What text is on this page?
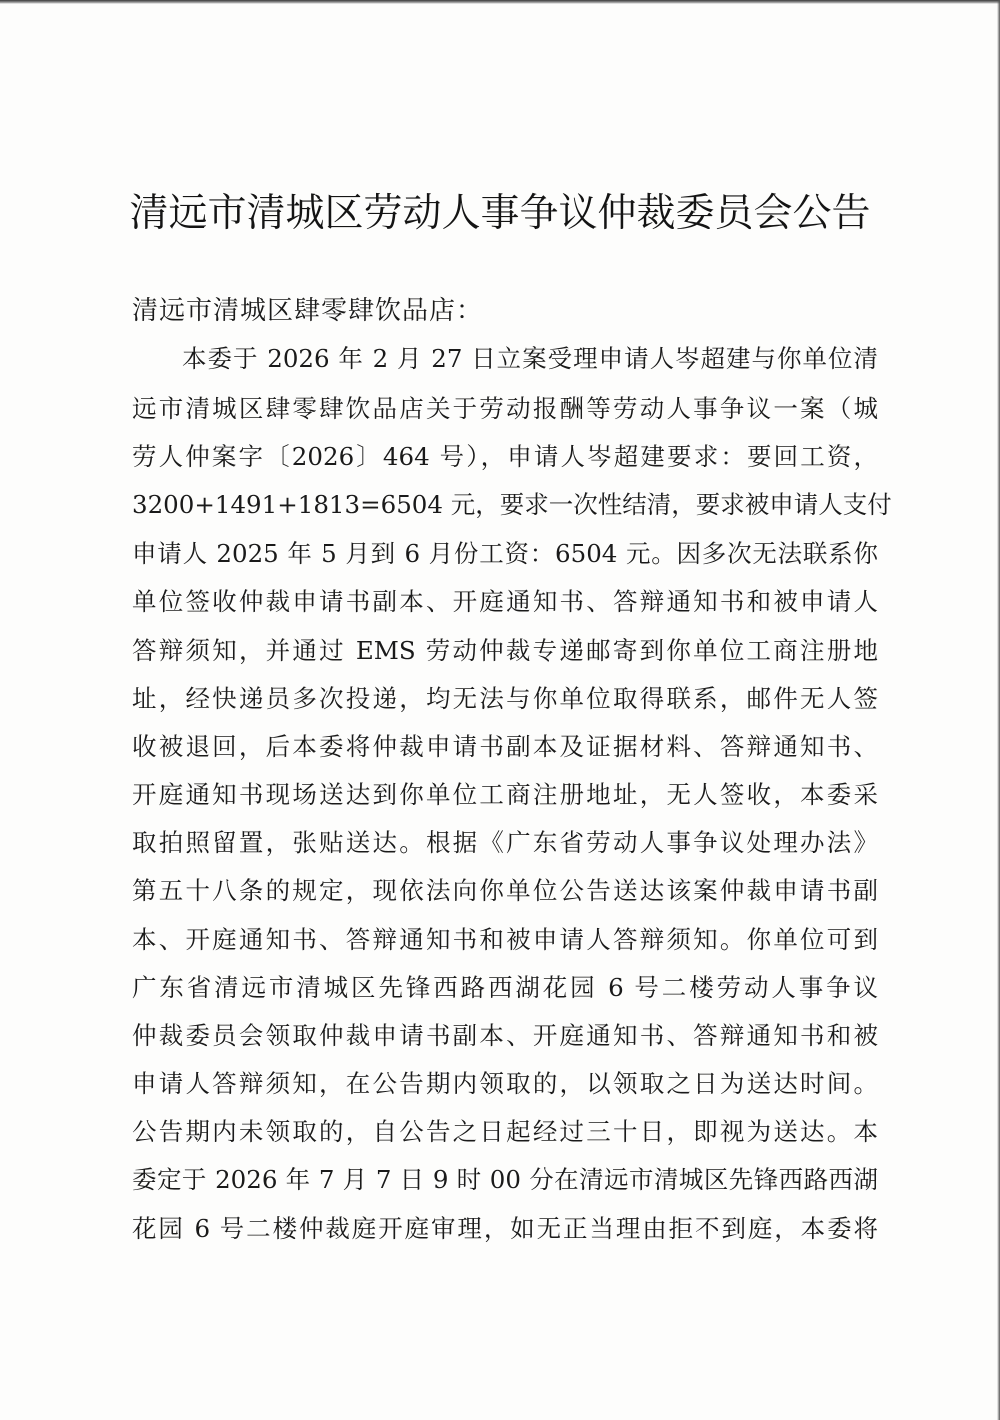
清远市清城区劳动人事争议仲裁委员会公告
清远市清城区肆零肆饮品店：
本委于 2026 年 2 月 27 日立案受理申请人岑超建与你单位清
远市清城区肆零肆饮品店关于劳动报酬等劳动人事争议一案（城
劳人仲案字〔2026〕464 号），申请人岑超建要求：要回工资，
3200+1491+1813=6504 元，要求一次性结清，要求被申请人支付
申请人 2025 年 5 月到 6 月份工资：6504 元。因多次无法联系你
单位签收仲裁申请书副本、开庭通知书、答辩通知书和被申请人
答辩须知，并通过 EMS 劳动仲裁专递邮寄到你单位工商注册地
址，经快递员多次投递，均无法与你单位取得联系，邮件无人签
收被退回，后本委将仲裁申请书副本及证据材料、答辩通知书、
开庭通知书现场送达到你单位工商注册地址，无人签收，本委采
取拍照留置，张贴送达。根据《广东省劳动人事争议处理办法》
第五十八条的规定，现依法向你单位公告送达该案仲裁申请书副
本、开庭通知书、答辩通知书和被申请人答辩须知。你单位可到
广东省清远市清城区先锋西路西湖花园 6 号二楼劳动人事争议
仲裁委员会领取仲裁申请书副本、开庭通知书、答辩通知书和被
申请人答辩须知，在公告期内领取的，以领取之日为送达时间。
公告期内未领取的，自公告之日起经过三十日，即视为送达。本
委定于 2026 年 7 月 7 日 9 时 00 分在清远市清城区先锋西路西湖
花园 6 号二楼仲裁庭开庭审理，如无正当理由拒不到庭，本委将
